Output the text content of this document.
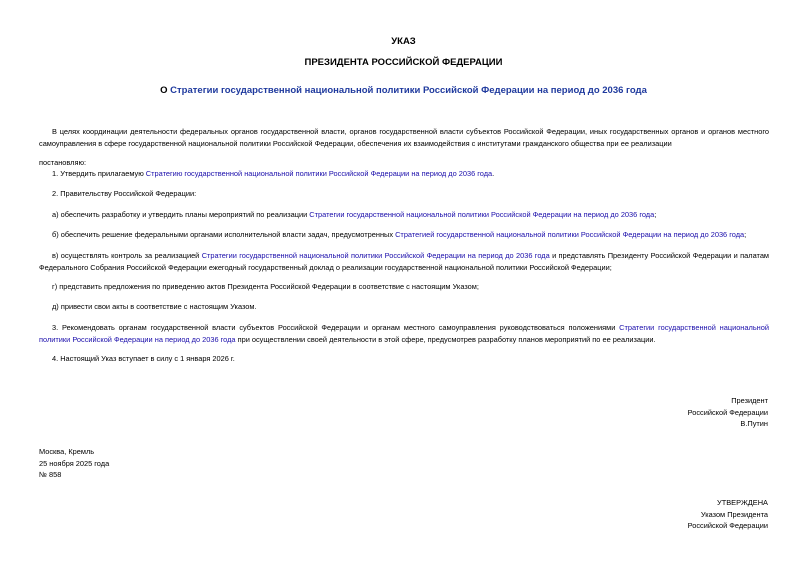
УКАЗ
ПРЕЗИДЕНТА РОССИЙСКОЙ ФЕДЕРАЦИИ
О Стратегии государственной национальной политики Российской Федерации на период до 2036 года
В целях координации деятельности федеральных органов государственной власти, органов государственной власти субъектов Российской Федерации, иных государственных органов и органов местного самоуправления в сфере государственной национальной политики Российской Федерации, обеспечения их взаимодействия с институтами гражданского общества при ее реализации
постановляю:
1. Утвердить прилагаемую Стратегию государственной национальной политики Российской Федерации на период до 2036 года.
2. Правительству Российской Федерации:
а) обеспечить разработку и утвердить планы мероприятий по реализации Стратегии государственной национальной политики Российской Федерации на период до 2036 года;
б) обеспечить решение федеральными органами исполнительной власти задач, предусмотренных Стратегией государственной национальной политики Российской Федерации на период до 2036 года;
в) осуществлять контроль за реализацией Стратегии государственной национальной политики Российской Федерации на период до 2036 года и представлять Президенту Российской Федерации и палатам Федерального Собрания Российской Федерации ежегодный государственный доклад о реализации государственной национальной политики Российской Федерации;
г) представить предложения по приведению актов Президента Российской Федерации в соответствие с настоящим Указом;
д) привести свои акты в соответствие с настоящим Указом.
3. Рекомендовать органам государственной власти субъектов Российской Федерации и органам местного самоуправления руководствоваться положениями Стратегии государственной национальной политики Российской Федерации на период до 2036 года при осуществлении своей деятельности в этой сфере, предусмотрев разработку планов мероприятий по ее реализации.
4. Настоящий Указ вступает в силу с 1 января 2026 г.
Президент
Российской Федерации
В.Путин
Москва, Кремль
25 ноября 2025 года
№ 858
УТВЕРЖДЕНА
Указом Президента
Российской Федерации
